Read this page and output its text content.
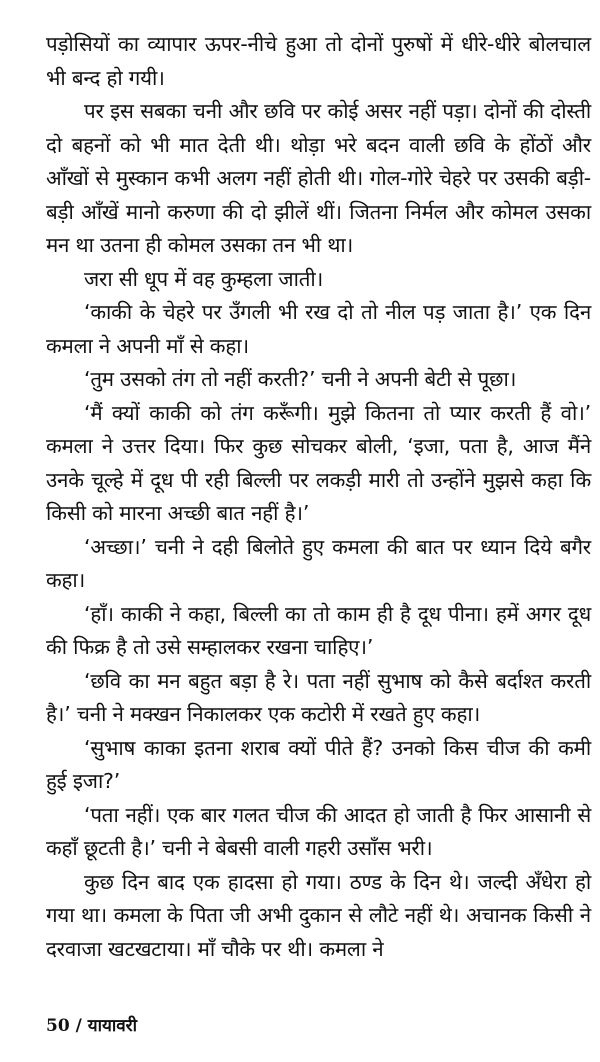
पड़ोसियों का व्यापार ऊपर-नीचे हुआ तो दोनों पुरुषों में धीरे-धीरे बोलचाल भी बन्द हो गयी।

पर इस सबका चनी और छवि पर कोई असर नहीं पड़ा। दोनों की दोस्ती दो बहनों को भी मात देती थी। थोड़ा भरे बदन वाली छवि के होंठों और आँखों से मुस्कान कभी अलग नहीं होती थी। गोल-गोरे चेहरे पर उसकी बड़ी-बड़ी आँखें मानो करुणा की दो झीलें थीं। जितना निर्मल और कोमल उसका मन था उतना ही कोमल उसका तन भी था।

जरा सी धूप में वह कुम्हला जाती।

‘काकी के चेहरे पर उँगली भी रख दो तो नील पड़ जाता है।’ एक दिन कमला ने अपनी माँ से कहा।

‘तुम उसको तंग तो नहीं करती?’ चनी ने अपनी बेटी से पूछा।

‘मैं क्यों काकी को तंग करूँगी। मुझे कितना तो प्यार करती हैं वो।’ कमला ने उत्तर दिया। फिर कुछ सोचकर बोली, ‘इजा, पता है, आज मैंने उनके चूल्हे में दूध पी रही बिल्ली पर लकड़ी मारी तो उन्होंने मुझसे कहा कि किसी को मारना अच्छी बात नहीं है।’

‘अच्छा।’ चनी ने दही बिलोते हुए कमला की बात पर ध्यान दिये बगैर कहा।

‘हाँ। काकी ने कहा, बिल्ली का तो काम ही है दूध पीना। हमें अगर दूध की फिक्र है तो उसे सम्हालकर रखना चाहिए।’

‘छवि का मन बहुत बड़ा है रे। पता नहीं सुभाष को कैसे बर्दाश्त करती है।’ चनी ने मक्खन निकालकर एक कटोरी में रखते हुए कहा।

‘सुभाष काका इतना शराब क्यों पीते हैं? उनको किस चीज की कमी हुई इजा?’

‘पता नहीं। एक बार गलत चीज की आदत हो जाती है फिर आसानी से कहाँ छूटती है।’ चनी ने बेबसी वाली गहरी उसाँस भरी।

कुछ दिन बाद एक हादसा हो गया। ठण्ड के दिन थे। जल्दी अँधेरा हो गया था। कमला के पिता जी अभी दुकान से लौटे नहीं थे। अचानक किसी ने दरवाजा खटखटाया। माँ चौके पर थी। कमला ने

50 / यायावरी
